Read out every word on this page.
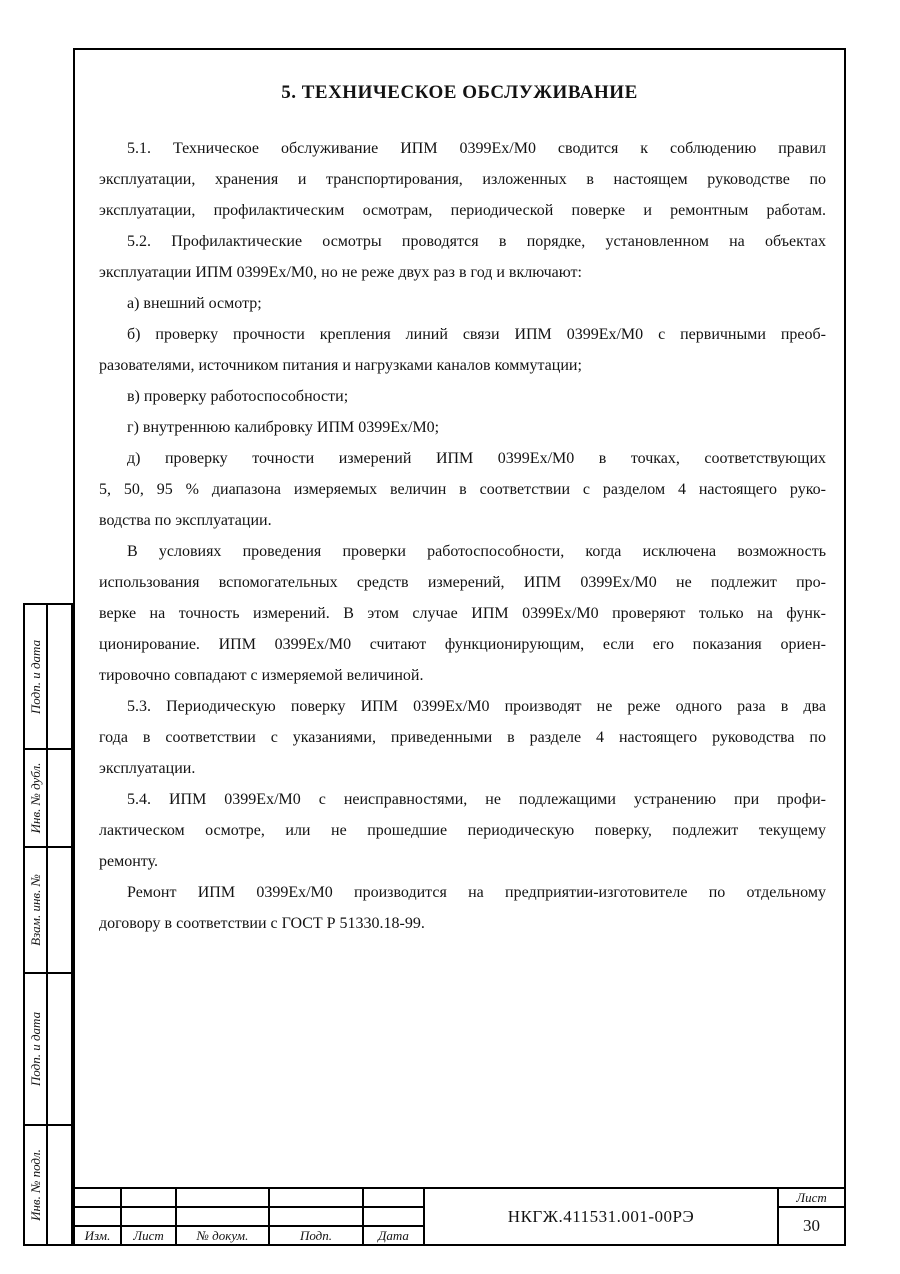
5. ТЕХНИЧЕСКОЕ ОБСЛУЖИВАНИЕ
5.1. Техническое обслуживание ИПМ 0399Ех/М0 сводится к соблюдению правил
эксплуатации, хранения и транспортирования, изложенных в настоящем руководстве по
эксплуатации, профилактическим осмотрам, периодической поверке и ремонтным работам.
5.2. Профилактические осмотры проводятся в порядке, установленном на объектах
эксплуатации ИПМ 0399Ех/М0, но не реже двух раз в год и включают:
а) внешний осмотр;
б) проверку прочности крепления линий связи ИПМ 0399Ех/М0 с первичными преоб-
разователями, источником питания и нагрузками каналов коммутации;
в) проверку работоспособности;
г) внутреннюю калибровку ИПМ 0399Ех/М0;
д) проверку точности измерений ИПМ 0399Ех/М0 в точках, соответствующих
5, 50, 95 % диапазона измеряемых величин в соответствии с разделом 4 настоящего руко-
водства по эксплуатации.
В условиях проведения проверки работоспособности, когда исключена возможность
использования вспомогательных средств измерений, ИПМ 0399Ех/М0 не подлежит про-
верке на точность измерений. В этом случае ИПМ 0399Ех/М0 проверяют только на функ-
ционирование. ИПМ 0399Ех/М0 считают функционирующим, если его показания ориен-
тировочно совпадают с измеряемой величиной.
5.3. Периодическую поверку ИПМ 0399Ех/М0 производят не реже одного раза в два
года в соответствии с указаниями, приведенными в разделе 4 настоящего руководства по
эксплуатации.
5.4. ИПМ 0399Ех/М0 с неисправностями, не подлежащими устранению при профи-
лактическом осмотре, или не прошедшие периодическую поверку, подлежит текущему
ремонту.
Ремонт ИПМ 0399Ех/М0 производится на предприятии-изготовителе по отдельному
договору в соответствии с ГОСТ Р 51330.18-99.
Подп. и дата
Инв. № дубл.
Взам. инв. №
Подп. и дата
Инв. № подл.
Изм.	Лист	№ докум.	Подп.	Дата
НКГЖ.411531.001-00РЭ
Лист
30
